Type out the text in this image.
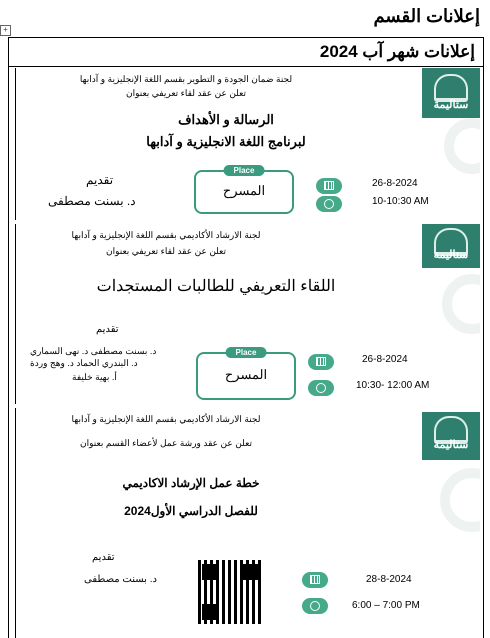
إعلانات القسم
+
إعلانات شهر آب 2024
ستاليمة
لجنة ضمان الجودة و التطوير بقسم اللغة الإنجليزية و آدابها
تعلن عن عقد لقاء تعريفي بعنوان
الرسالة و الأهداف
لبرنامج اللغة الانجليزية و آدابها
تقديم
د. بسنت مصطفى
Place
المسرح	26-8-2024
10-10:30 AM
ستاليمة
لجنة الارشاد الأكاديمي بقسم اللغة الإنجليزية و آدابها
تعلن عن عقد لقاء تعريفي بعنوان
اللقاء التعريفي للطالبات المستجدات
تقديم
د. بسنت مصطفى د. نهى السماري
د. البندري الحماد د. وهج وردة
أ. بهية خليفة
Place
المسرح
26-8-2024
10:30- 12:00 AM
ستاليمة
لجنة الارشاد الأكاديمي بقسم اللغة الإنجليزية و آدابها
تعلن عن عقد ورشة عمل لأعضاء القسم بعنوان
خطة عمل الإرشاد الاكاديمي
للفصل الدراسي الأول2024
تقديم
د. بسنت مصطفى	28-8-2024
6:00 – 7:00 PM
